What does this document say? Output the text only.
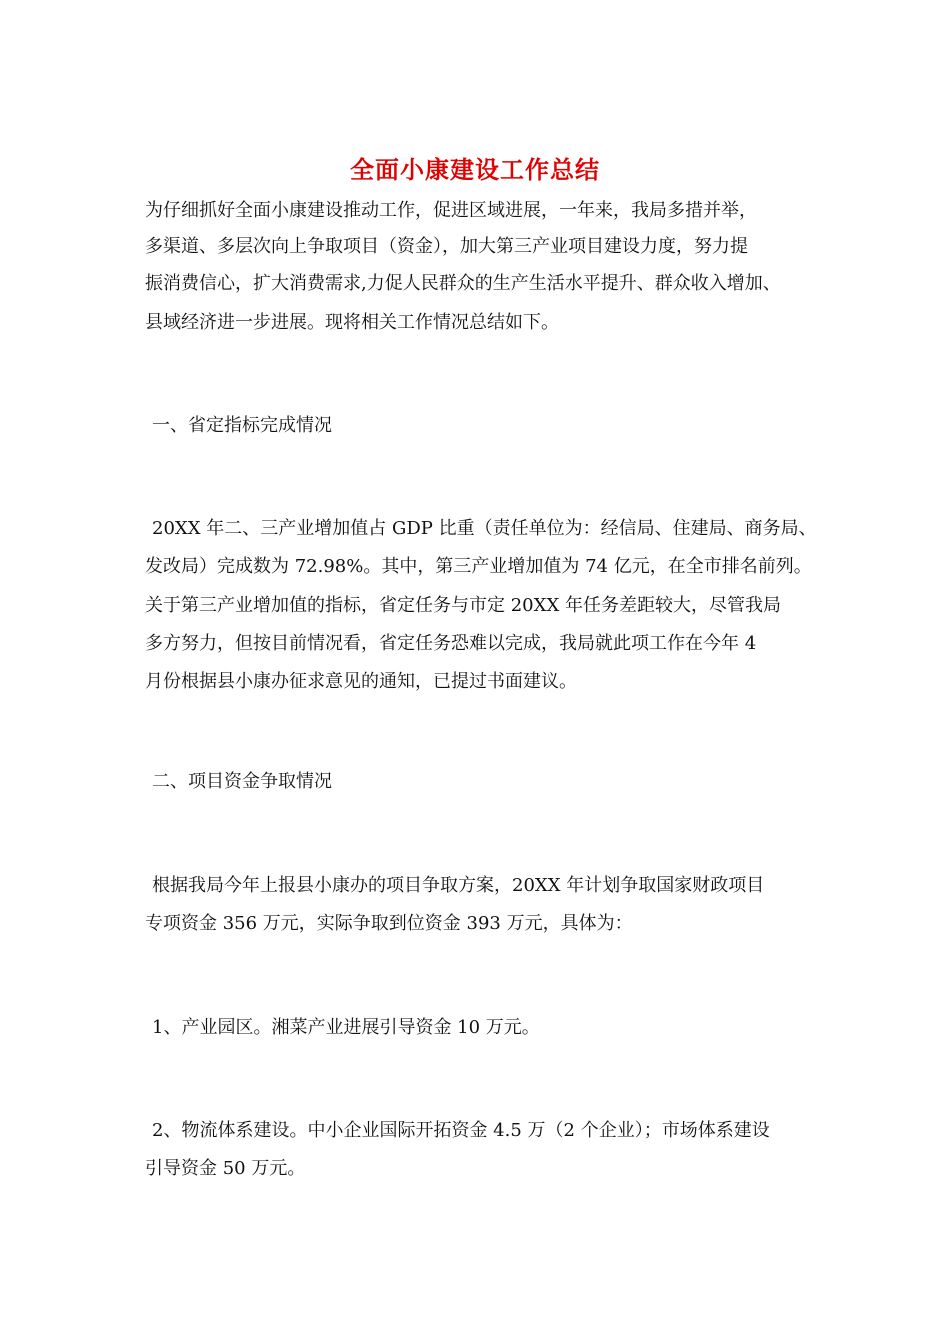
全面小康建设工作总结

为仔细抓好全面小康建设推动工作，促进区域进展，一年来，我局多措并举，

多渠道、多层次向上争取项目（资金），加大第三产业项目建设力度，努力提

振消费信心，扩大消费需求,力促人民群众的生产生活水平提升、群众收入增加、

县域经济进一步进展。现将相关工作情况总结如下。

一、省定指标完成情况

20XX 年二、三产业增加值占 GDP 比重（责任单位为：经信局、住建局、商务局、

发改局）完成数为 72.98%。其中，第三产业增加值为 74 亿元，在全市排名前列。

关于第三产业增加值的指标，省定任务与市定 20XX 年任务差距较大，尽管我局

多方努力，但按目前情况看，省定任务恐难以完成，我局就此项工作在今年 4

月份根据县小康办征求意见的通知，已提过书面建议。

二、项目资金争取情况

根据我局今年上报县小康办的项目争取方案，20XX 年计划争取国家财政项目

专项资金 356 万元，实际争取到位资金 393 万元，具体为：

1、产业园区。湘菜产业进展引导资金 10 万元。

2、物流体系建设。中小企业国际开拓资金 4.5 万（2 个企业）；市场体系建设

引导资金 50 万元。
